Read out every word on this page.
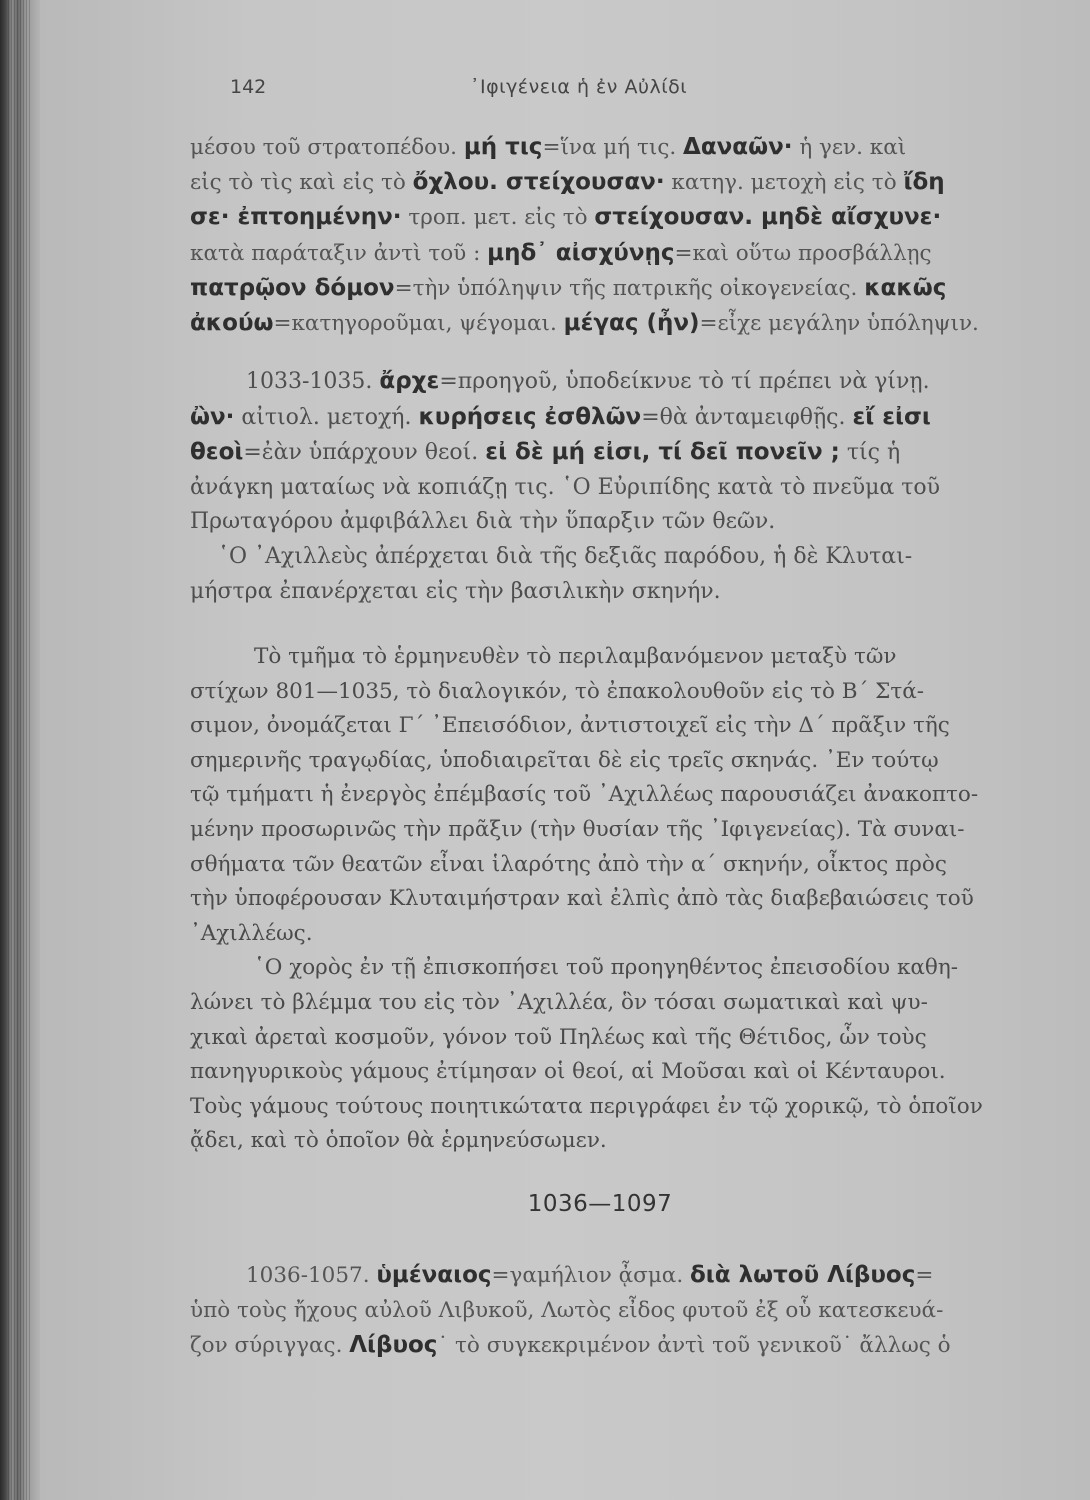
142	᾿Ιφιγένεια ἡ ἐν Αὐλίδι
μέσου τοῦ στρατοπέδου. μή τις=ἵνα μή τις. Δαναῶν· ἡ γεν. καὶ
εἰς τὸ τὶς καὶ εἰς τὸ ὄχλου. στείχουσαν· κατηγ. μετοχὴ εἰς τὸ ἴδη
σε· ἐπτοημένην· τροπ. μετ. εἰς τὸ στείχουσαν. μηδὲ αἴσχυνε·
κατὰ παράταξιν ἀντὶ τοῦ : μηδ᾿ αἰσχύνῃς=καὶ οὕτω προσβάλλῃς
πατρῷον δόμον=τὴν ὑπόληψιν τῆς πατρικῆς οἰκογενείας. κακῶς
ἀκούω=κατηγοροῦμαι, ψέγομαι. μέγας (ἦν)=εἶχε μεγάλην ὑπόληψιν.
1033-1035. ἄρχε=προηγοῦ, ὑποδείκνυε τὸ τί πρέπει νὰ γίνῃ.
ὢν· αἰτιολ. μετοχή. κυρήσεις ἐσθλῶν=θὰ ἀνταμειφθῇς. εἴ εἰσι
θεοὶ=ἐὰν ὑπάρχουν θεοί. εἰ δὲ μή εἰσι, τί δεῖ πονεῖν ; τίς ἡ
ἀνάγκη ματαίως νὰ κοπιάζῃ τις. ῾Ο Εὐριπίδης κατὰ τὸ πνεῦμα τοῦ
Πρωταγόρου ἀμφιβάλλει διὰ τὴν ὕπαρξιν τῶν θεῶν.
῾Ο ᾿Αχιλλεὺς ἀπέρχεται διὰ τῆς δεξιᾶς παρόδου, ἡ δὲ Κλυται-
μήστρα ἐπανέρχεται εἰς τὴν βασιλικὴν σκηνήν.
Τὸ τμῆμα τὸ ἑρμηνευθὲν τὸ περιλαμβανόμενον μεταξὺ τῶν
στίχων 801—1035, τὸ διαλογικόν, τὸ ἐπακολουθοῦν εἰς τὸ Β΄ Στά-
σιμον, ὀνομάζεται Γ΄ ᾿Επεισόδιον, ἀντιστοιχεῖ εἰς τὴν Δ΄ πρᾶξιν τῆς
σημερινῆς τραγῳδίας, ὑποδιαιρεῖται δὲ εἰς τρεῖς σκηνάς. ᾿Εν τούτῳ
τῷ τμήματι ἡ ἐνεργὸς ἐπέμβασίς τοῦ ᾿Αχιλλέως παρουσιάζει ἀνακοπτο-
μένην προσωρινῶς τὴν πρᾶξιν (τὴν θυσίαν τῆς ᾿Ιφιγενείας). Τὰ συναι-
σθήματα τῶν θεατῶν εἶναι ἱλαρότης ἀπὸ τὴν α΄ σκηνήν, οἶκτος πρὸς
τὴν ὑποφέρουσαν Κλυταιμήστραν καὶ ἐλπὶς ἀπὸ τὰς διαβεβαιώσεις τοῦ
᾿Αχιλλέως.
῾Ο χορὸς ἐν τῇ ἐπισκοπήσει τοῦ προηγηθέντος ἐπεισοδίου καθη-
λώνει τὸ βλέμμα του εἰς τὸν ᾿Αχιλλέα, ὃν τόσαι σωματικαὶ καὶ ψυ-
χικαὶ ἀρεταὶ κοσμοῦν, γόνον τοῦ Πηλέως καὶ τῆς Θέτιδος, ὧν τοὺς
πανηγυρικοὺς γάμους ἐτίμησαν οἱ θεοί, αἱ Μοῦσαι καὶ οἱ Κένταυροι.
Τοὺς γάμους τούτους ποιητικώτατα περιγράφει ἐν τῷ χορικῷ, τὸ ὁποῖον
ᾄδει, καὶ τὸ ὁποῖον θὰ ἑρμηνεύσωμεν.
1036—1097
1036-1057. ὑμέναιος=γαμήλιον ᾆσμα. διὰ λωτοῦ Λίβυος=
ὑπὸ τοὺς ἤχους αὐλοῦ Λιβυκοῦ, Λωτὸς εἶδος φυτοῦ ἐξ οὗ κατεσκευά-
ζον σύριγγας. Λίβυος˙ τὸ συγκεκριμένον ἀντὶ τοῦ γενικοῦ˙ ἄλλως ὁ
